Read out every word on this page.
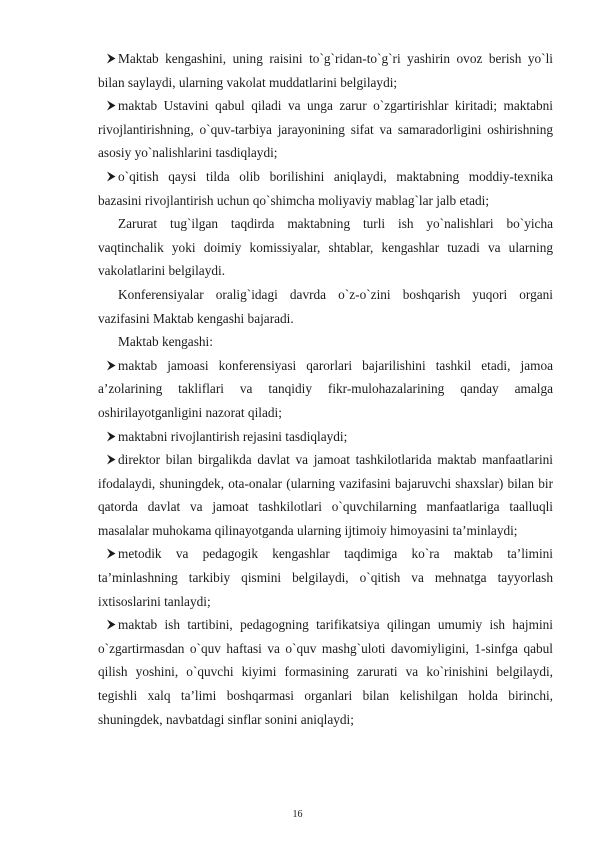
Maktab kengashini, uning raisini to`g`ridan-to`g`ri yashirin ovoz berish yo`li bilan saylaydi, ularning vakolat muddatlarini belgilaydi;

maktab Ustavini qabul qiladi va unga zarur o`zgartirishlar kiritadi; maktabni rivojlantirishning, o`quv-tarbiya jarayonining sifat va samaradorligini oshirishning asosiy yo`nalishlarini tasdiqlaydi;

o`qitish qaysi tilda olib borilishini aniqlaydi, maktabning moddiy-texnika bazasini rivojlantirish uchun qo`shimcha moliyaviy mablag`lar jalb etadi;

Zarurat tug`ilgan taqdirda maktabning turli ish yo`nalishlari bo`yicha vaqtinchalik yoki doimiy komissiyalar, shtablar, kengashlar tuzadi va ularning vakolatlarini belgilaydi.

Konferensiyalar oralig`idagi davrda o`z-o`zini boshqarish yuqori organi vazifasini Maktab kengashi bajaradi.

Maktab kengashi:

maktab jamoasi konferensiyasi qarorlari bajarilishini tashkil etadi, jamoa a’zolarining takliflari va tanqidiy fikr-mulohazalarining qanday amalga oshirilayotganligini nazorat qiladi;

maktabni rivojlantirish rejasini tasdiqlaydi;

direktor bilan birgalikda davlat va jamoat tashkilotlarida maktab manfaatlarini ifodalaydi, shuningdek, ota-onalar (ularning vazifasini bajaruvchi shaxslar) bilan bir qatorda davlat va jamoat tashkilotlari o`quvchilarning manfaatlariga taalluqli masalalar muhokama qilinayotganda ularning ijtimoiy himoyasini ta’minlaydi;

metodik va pedagogik kengashlar taqdimiga ko`ra maktab ta’limini ta’minlashning tarkibiy qismini belgilaydi, o`qitish va mehnatga tayyorlash ixtisoslarini tanlaydi;

maktab ish tartibini, pedagogning tarifikatsiya qilingan umumiy ish hajmini o`zgartirmasdan o`quv haftasi va o`quv mashg`uloti davomiyligini, 1-sinfga qabul qilish yoshini, o`quvchi kiyimi formasining zarurati va ko`rinishini belgilaydi, tegishli xalq ta’limi boshqarmasi organlari bilan kelishilgan holda birinchi, shuningdek, navbatdagi sinflar sonini aniqlaydi;

16
